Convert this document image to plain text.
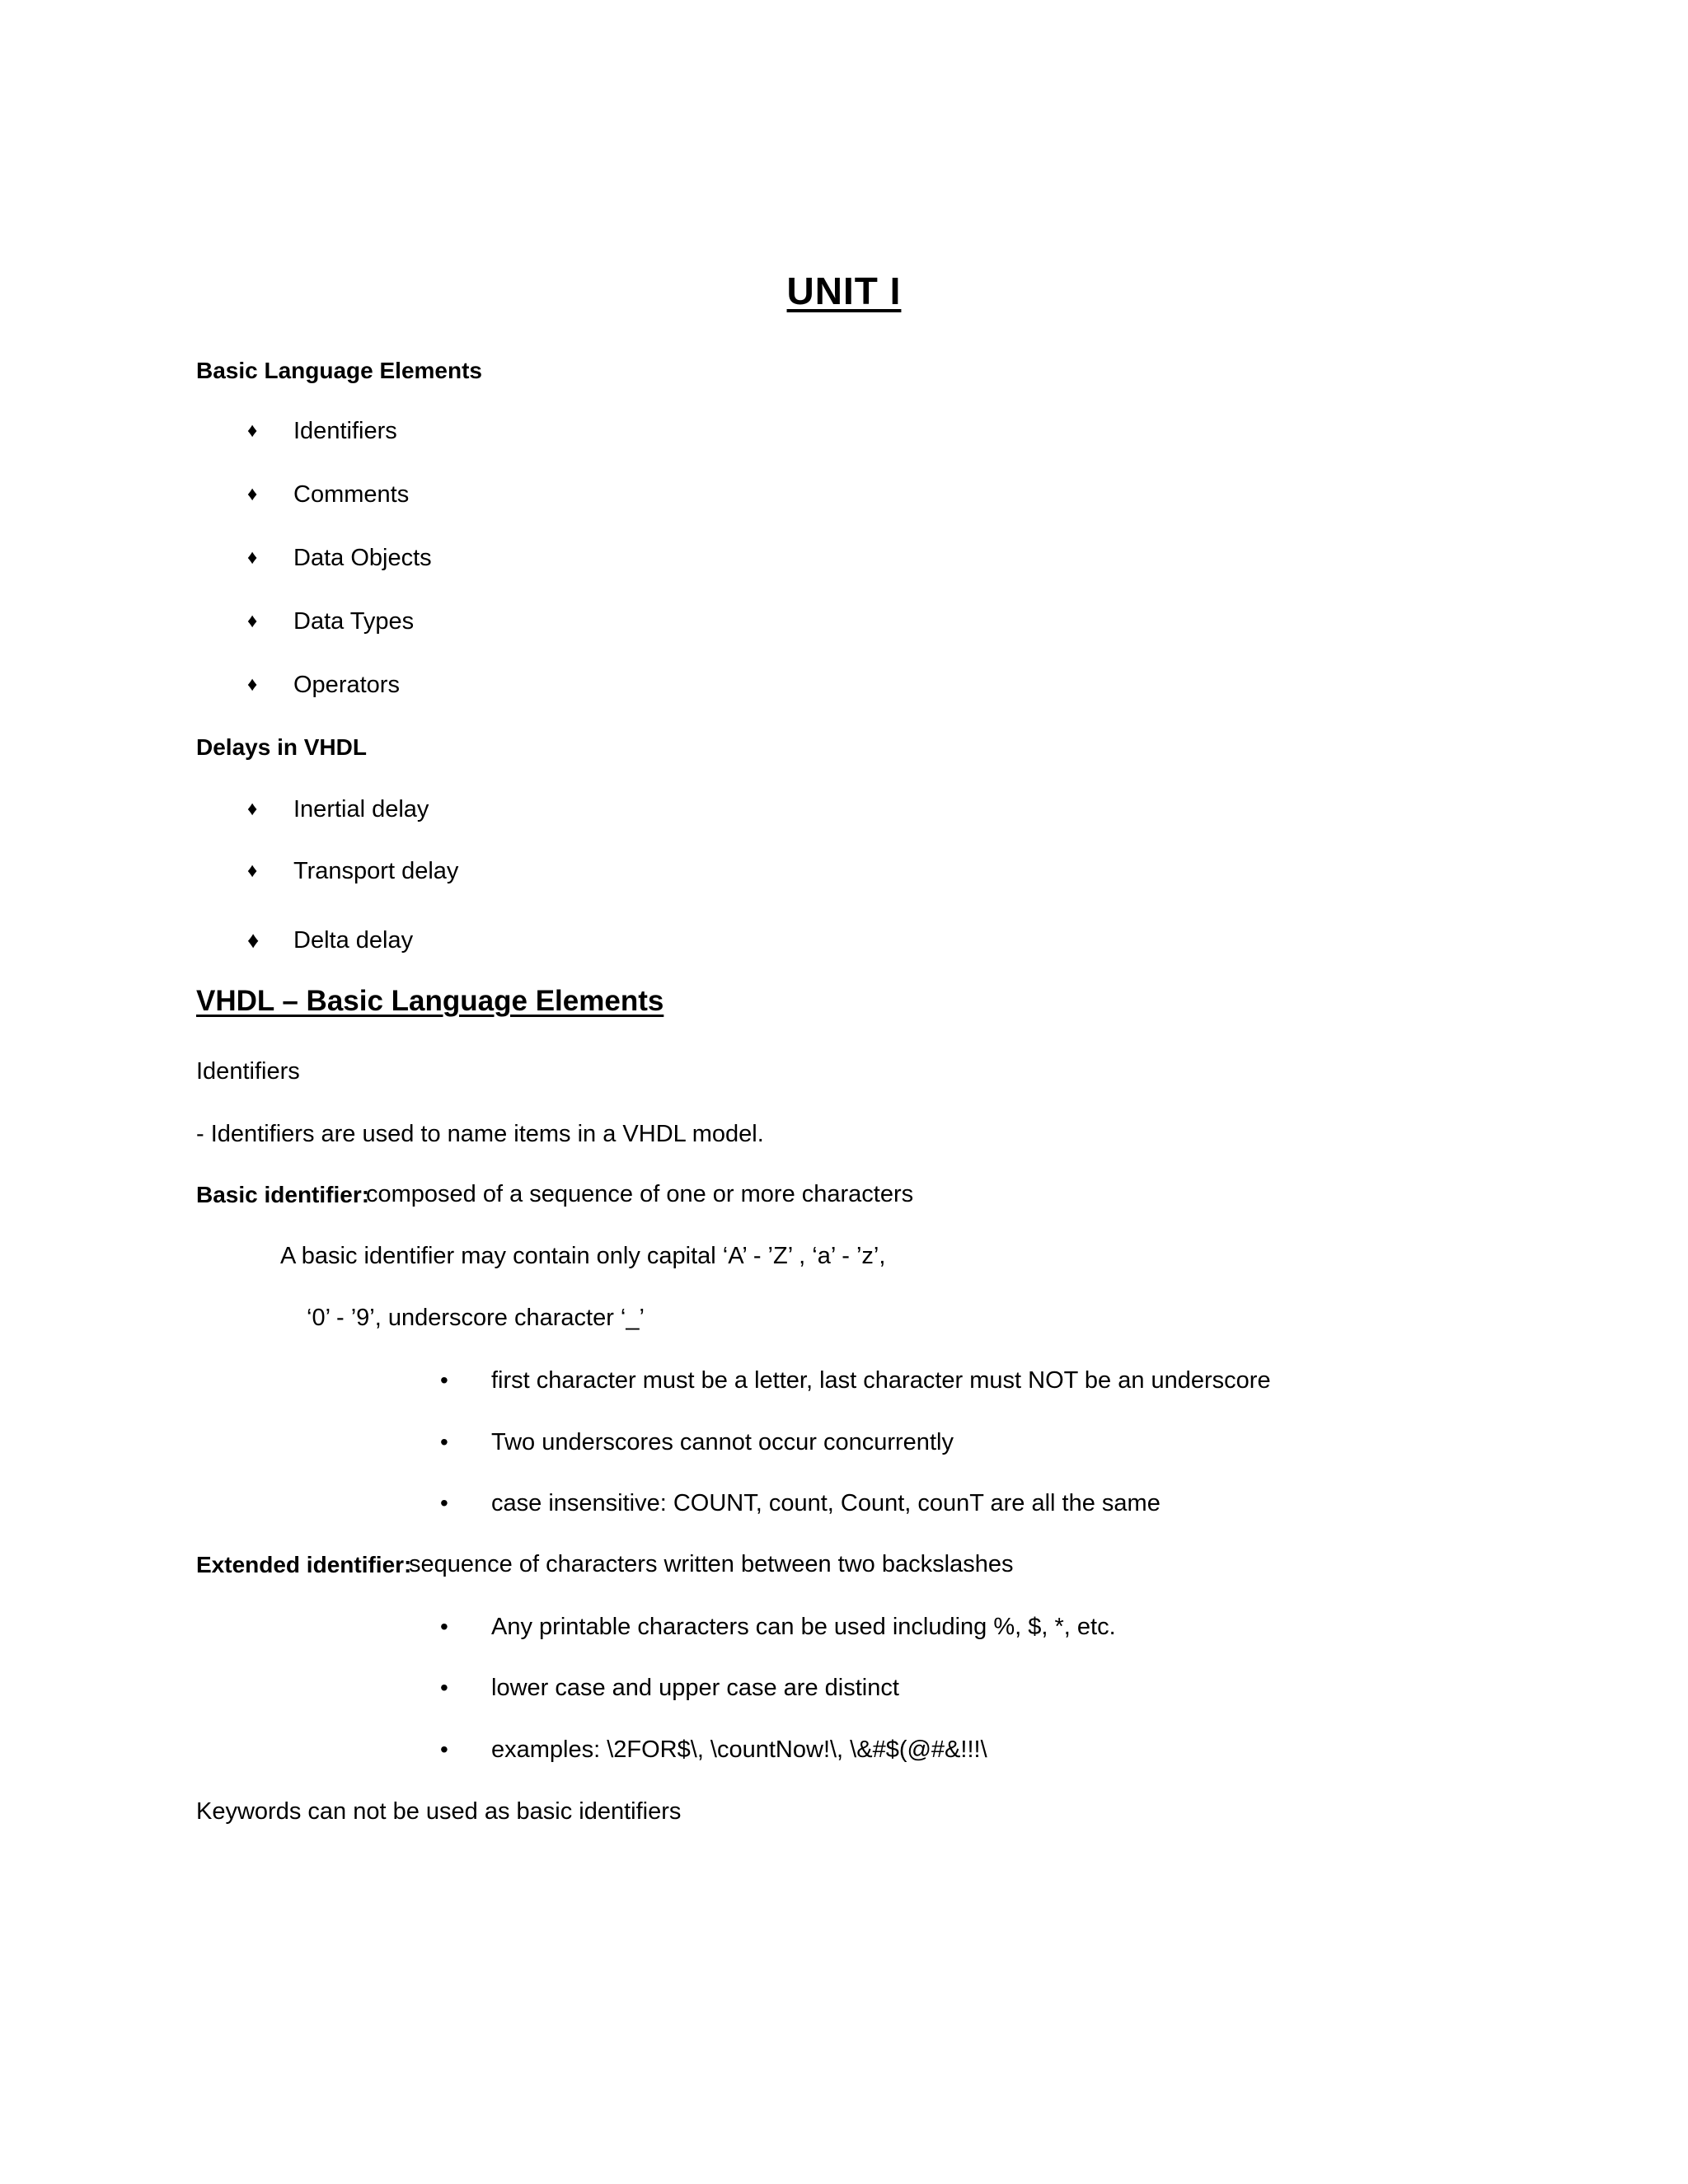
UNIT I
Basic Language Elements
♦ Identifiers
♦ Comments
♦ Data Objects
♦ Data Types
♦ Operators
Delays in VHDL
♦ Inertial delay
♦ Transport delay
♦ Delta delay
VHDL – Basic Language Elements
Identifiers
- Identifiers are used to name items in a VHDL model.
Basic identifier:
composed of a sequence of one or more characters
A basic identifier may contain only capital ‘A’ - ’Z’ , ‘a’ - ’z’,
‘0’ - ’9’, underscore character ‘_’
• first character must be a letter, last character must NOT be an underscore
• Two underscores cannot occur concurrently
• case insensitive: COUNT, count, Count, counT are all the same
Extended identifier:
sequence of characters written between two backslashes
• Any printable characters can be used including %, $, *, etc.
• lower case and upper case are distinct
• examples: \2FOR$\, \countNow!\, \&#$(@#&!!!\
Keywords can not be used as basic identifiers
